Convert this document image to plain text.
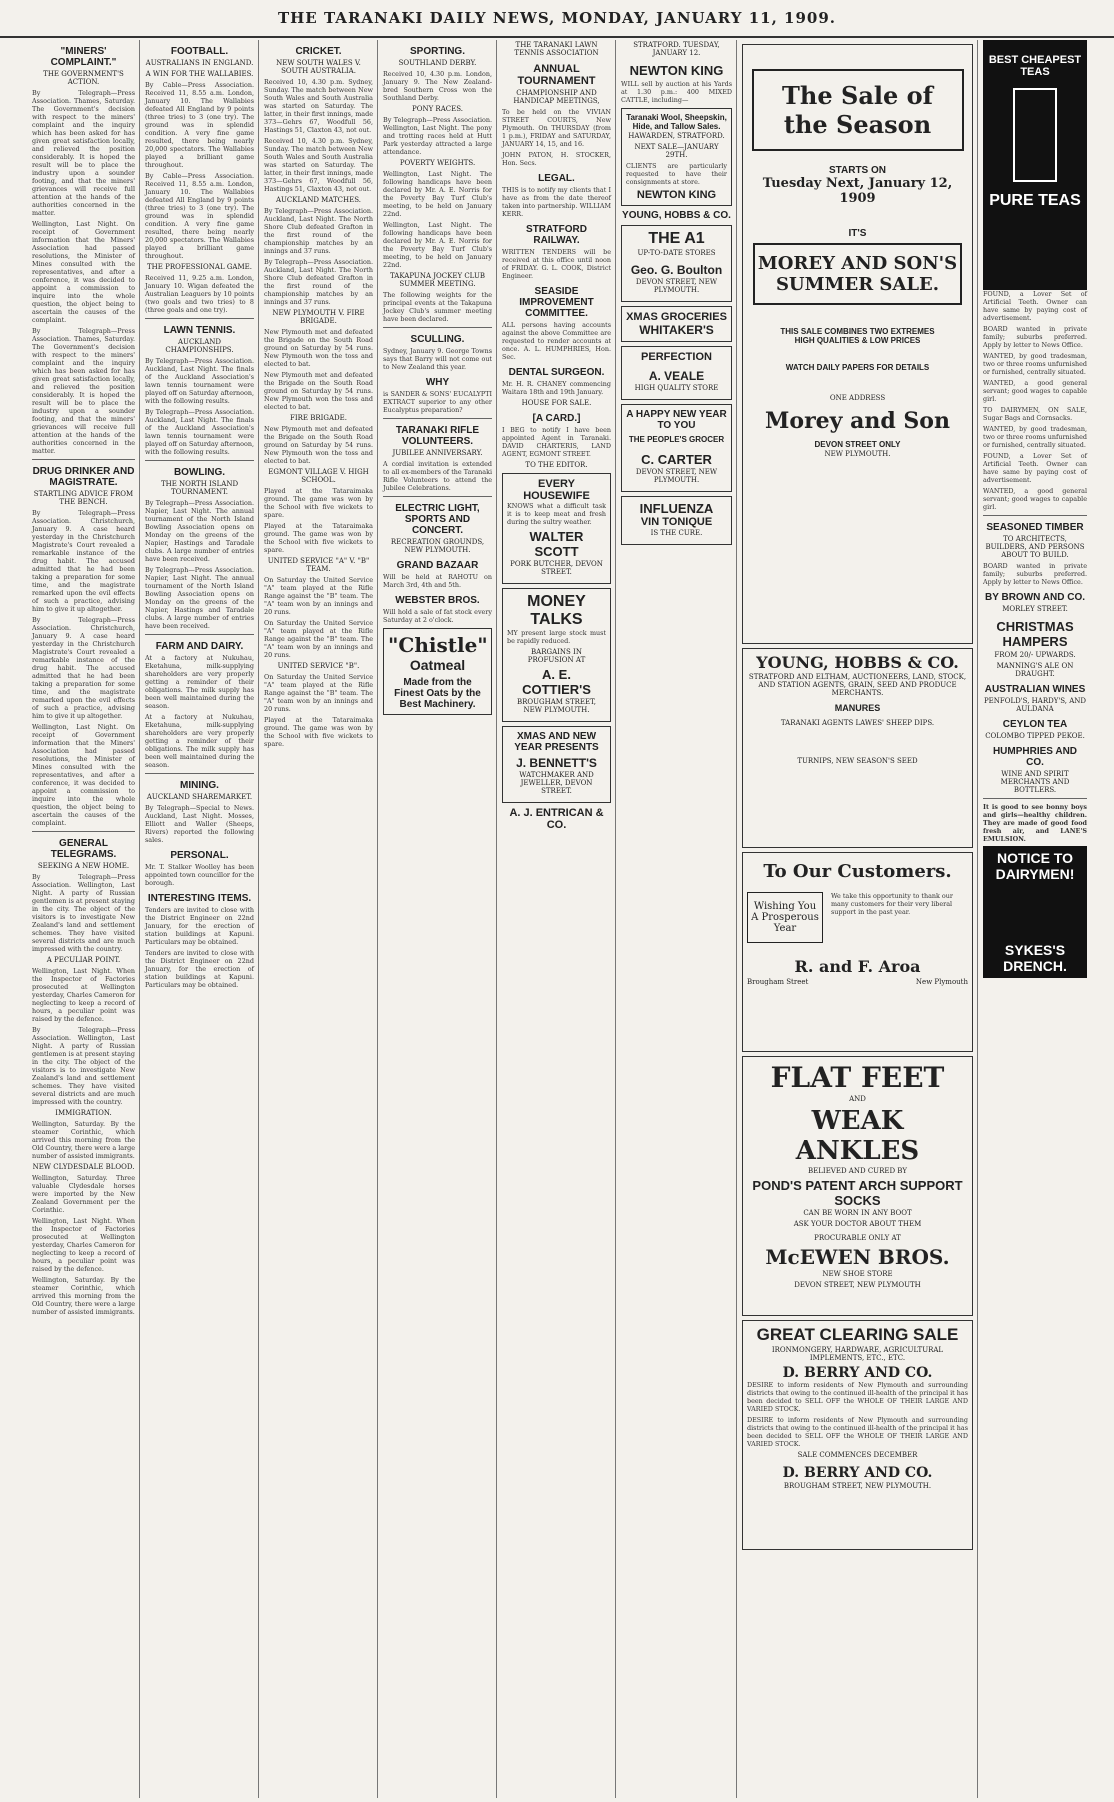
THE TARANAKI DAILY NEWS, MONDAY, JANUARY 11, 1909.
"MINERS' COMPLAINT."
THE GOVERNMENT'S ACTION.

By Telegraph—Press Association. Thames, Saturday. The Government's decision with respect to the miners' complaint and the inquiry which has been asked for has given great satisfaction locally, and relieved the position considerably. It is hoped the result will be to place the industry upon a sounder footing, and that the miners' grievances will receive full attention at the hands of the authorities concerned in the matter.

Wellington, Last Night. On receipt of Government information that the Miners' Association had passed resolutions, the Minister of Mines consulted with the representatives, and after a conference, it was decided to appoint a commission to inquire into the whole question, the object being to ascertain the causes of the complaint.

By Telegraph—Press Association. Thames, Saturday. The Government's decision with respect to the miners' complaint and the inquiry which has been asked for has given great satisfaction locally, and relieved the position considerably. It is hoped the result will be to place the industry upon a sounder footing, and that the miners' grievances will receive full attention at the hands of the authorities concerned in the matter.

DRUG DRINKER AND MAGISTRATE.
STARTLING ADVICE FROM THE BENCH.

By Telegraph—Press Association. Christchurch, January 9. A case heard yesterday in the Christchurch Magistrate's Court revealed a remarkable instance of the drug habit. The accused admitted that he had been taking a preparation for some time, and the magistrate remarked upon the evil effects of such a practice, advising him to give it up altogether.

By Telegraph—Press Association. Christchurch, January 9. A case heard yesterday in the Christchurch Magistrate's Court revealed a remarkable instance of the drug habit. The accused admitted that he had been taking a preparation for some time, and the magistrate remarked upon the evil effects of such a practice, advising him to give it up altogether.

Wellington, Last Night. On receipt of Government information that the Miners' Association had passed resolutions, the Minister of Mines consulted with the representatives, and after a conference, it was decided to appoint a commission to inquire into the whole question, the object being to ascertain the causes of the complaint.

GENERAL TELEGRAMS.
SEEKING A NEW HOME.

By Telegraph—Press Association. Wellington, Last Night. A party of Russian gentlemen is at present staying in the city. The object of the visitors is to investigate New Zealand's land and settlement schemes. They have visited several districts and are much impressed with the country.

A PECULIAR POINT.

Wellington, Last Night. When the Inspector of Factories prosecuted at Wellington yesterday, Charles Cameron for neglecting to keep a record of hours, a peculiar point was raised by the defence.

By Telegraph—Press Association. Wellington, Last Night. A party of Russian gentlemen is at present staying in the city. The object of the visitors is to investigate New Zealand's land and settlement schemes. They have visited several districts and are much impressed with the country.

IMMIGRATION.

Wellington, Saturday. By the steamer Corinthic, which arrived this morning from the Old Country, there were a large number of assisted immigrants.

NEW CLYDESDALE BLOOD.

Wellington, Saturday. Three valuable Clydesdale horses were imported by the New Zealand Government per the Corinthic.

Wellington, Last Night. When the Inspector of Factories prosecuted at Wellington yesterday, Charles Cameron for neglecting to keep a record of hours, a peculiar point was raised by the defence.

Wellington, Saturday. By the steamer Corinthic, which arrived this morning from the Old Country, there were a large number of assisted immigrants.

FOOTBALL.
AUSTRALIANS IN ENGLAND.
A WIN FOR THE WALLABIES.

By Cable—Press Association. Received 11, 8.55 a.m. London, January 10. The Wallabies defeated All England by 9 points (three tries) to 3 (one try). The ground was in splendid condition. A very fine game resulted, there being nearly 20,000 spectators. The Wallabies played a brilliant game throughout.

By Cable—Press Association. Received 11, 8.55 a.m. London, January 10. The Wallabies defeated All England by 9 points (three tries) to 3 (one try). The ground was in splendid condition. A very fine game resulted, there being nearly 20,000 spectators. The Wallabies played a brilliant game throughout.

THE PROFESSIONAL GAME.

Received 11, 9.25 a.m. London, January 10. Wigan defeated the Australian Leaguers by 10 points (two goals and two tries) to 8 (three goals and one try).

LAWN TENNIS.
AUCKLAND CHAMPIONSHIPS.

By Telegraph—Press Association. Auckland, Last Night. The finals of the Auckland Association's lawn tennis tournament were played off on Saturday afternoon, with the following results.

By Telegraph—Press Association. Auckland, Last Night. The finals of the Auckland Association's lawn tennis tournament were played off on Saturday afternoon, with the following results.

BOWLING.
THE NORTH ISLAND TOURNAMENT.

By Telegraph—Press Association. Napier, Last Night. The annual tournament of the North Island Bowling Association opens on Monday on the greens of the Napier, Hastings and Taradale clubs. A large number of entries have been received.

By Telegraph—Press Association. Napier, Last Night. The annual tournament of the North Island Bowling Association opens on Monday on the greens of the Napier, Hastings and Taradale clubs. A large number of entries have been received.

FARM AND DAIRY.

At a factory at Nukuhau, Eketahuna, milk-supplying shareholders are very properly getting a reminder of their obligations. The milk supply has been well maintained during the season.

At a factory at Nukuhau, Eketahuna, milk-supplying shareholders are very properly getting a reminder of their obligations. The milk supply has been well maintained during the season.

MINING.
AUCKLAND SHAREMARKET.

By Telegraph—Special to News. Auckland, Last Night. Mosses, Elliott and Waller (Sheeps, Rivers) reported the following sales.

PERSONAL.

Mr. T. Stalker Woolley has been appointed town councillor for the borough.

INTERESTING ITEMS.

Tenders are invited to close with the District Engineer on 22nd January, for the erection of station buildings at Kapuni. Particulars may be obtained.

Tenders are invited to close with the District Engineer on 22nd January, for the erection of station buildings at Kapuni. Particulars may be obtained.

CRICKET.
NEW SOUTH WALES V. SOUTH AUSTRALIA.

Received 10, 4.30 p.m. Sydney, Sunday. The match between New South Wales and South Australia was started on Saturday. The latter, in their first innings, made 373—Gehrs 67, Woodfull 56, Hastings 51, Claxton 43, not out.

Received 10, 4.30 p.m. Sydney, Sunday. The match between New South Wales and South Australia was started on Saturday. The latter, in their first innings, made 373—Gehrs 67, Woodfull 56, Hastings 51, Claxton 43, not out.

AUCKLAND MATCHES.

By Telegraph—Press Association. Auckland, Last Night. The North Shore Club defeated Grafton in the first round of the championship matches by an innings and 37 runs.

By Telegraph—Press Association. Auckland, Last Night. The North Shore Club defeated Grafton in the first round of the championship matches by an innings and 37 runs.

NEW PLYMOUTH V. FIRE BRIGADE.

New Plymouth met and defeated the Brigade on the South Road ground on Saturday by 54 runs. New Plymouth won the toss and elected to bat.

New Plymouth met and defeated the Brigade on the South Road ground on Saturday by 54 runs. New Plymouth won the toss and elected to bat.

FIRE BRIGADE.

New Plymouth met and defeated the Brigade on the South Road ground on Saturday by 54 runs. New Plymouth won the toss and elected to bat.

EGMONT VILLAGE V. HIGH SCHOOL.

Played at the Tataraimaka ground. The game was won by the School with five wickets to spare.

Played at the Tataraimaka ground. The game was won by the School with five wickets to spare.

UNITED SERVICE "A" V. "B" TEAM.

On Saturday the United Service "A" team played at the Rifle Range against the "B" team. The "A" team won by an innings and 20 runs.

On Saturday the United Service "A" team played at the Rifle Range against the "B" team. The "A" team won by an innings and 20 runs.

UNITED SERVICE "B".

On Saturday the United Service "A" team played at the Rifle Range against the "B" team. The "A" team won by an innings and 20 runs.

Played at the Tataraimaka ground. The game was won by the School with five wickets to spare.

SPORTING.
SOUTHLAND DERBY.

Received 10, 4.30 p.m. London, January 9. The New Zealand-bred Southern Cross won the Southland Derby.

PONY RACES.

By Telegraph—Press Association. Wellington, Last Night. The pony and trotting races held at Hutt Park yesterday attracted a large attendance.

POVERTY WEIGHTS.

Wellington, Last Night. The following handicaps have been declared by Mr. A. E. Norris for the Poverty Bay Turf Club's meeting, to be held on January 22nd.

Wellington, Last Night. The following handicaps have been declared by Mr. A. E. Norris for the Poverty Bay Turf Club's meeting, to be held on January 22nd.

TAKAPUNA JOCKEY CLUB SUMMER MEETING.

The following weights for the principal events at the Takapuna Jockey Club's summer meeting have been declared.

SCULLING.

Sydney, January 9. George Towns says that Barry will not come out to New Zealand this year.

WHY

is SANDER & SONS' EUCALYPTI EXTRACT superior to any other Eucalyptus preparation?

TARANAKI RIFLE VOLUNTEERS.
JUBILEE ANNIVERSARY.

A cordial invitation is extended to all ex-members of the Taranaki Rifle Volunteers to attend the Jubilee Celebrations.

ELECTRIC LIGHT, SPORTS AND CONCERT.
RECREATION GROUNDS, NEW PLYMOUTH.
GRAND BAZAAR

Will be held at RAHOTU on March 3rd, 4th and 5th.

WEBSTER BROS.

Will hold a sale of fat stock every Saturday at 2 o'clock.

"Chistle"
Oatmeal
Made from the Finest Oats by the Best Machinery.
THE TARANAKI LAWN TENNIS ASSOCIATION
ANNUAL TOURNAMENT
CHAMPIONSHIP AND HANDICAP MEETINGS,

To be held on the VIVIAN STREET COURTS, New Plymouth. On THURSDAY (from 1 p.m.), FRIDAY and SATURDAY, JANUARY 14, 15, and 16.

JOHN PATON, H. STOCKER, Hon. Secs.

LEGAL.

THIS is to notify my clients that I have as from the date thereof taken into partnership. WILLIAM KERR.

STRATFORD RAILWAY.

WRITTEN TENDERS will be received at this office until noon of FRIDAY. G. L. COOK, District Engineer.

SEASIDE IMPROVEMENT COMMITTEE.

ALL persons having accounts against the above Committee are requested to render accounts at once. A. L. HUMPHRIES, Hon. Sec.

DENTAL SURGEON.

Mr. H. R. CHANEY commencing Waitara 18th and 19th January.

HOUSE FOR SALE.
[A CARD.]

I BEG to notify I have been appointed Agent in Taranaki. DAVID CHARTERIS, LAND AGENT, EGMONT STREET.

TO THE EDITOR.
EVERY HOUSEWIFE

KNOWS what a difficult task it is to keep meat and fresh during the sultry weather.

WALTER SCOTT
PORK BUTCHER, DEVON STREET.
MONEY TALKS

MY present large stock must be rapidly reduced.

BARGAINS IN PROFUSION AT
A. E. COTTIER'S
BROUGHAM STREET, NEW PLYMOUTH.
XMAS AND NEW YEAR PRESENTS
J. BENNETT'S
WATCHMAKER AND JEWELLER, DEVON STREET.
A. J. ENTRICAN & CO.
STRATFORD. TUESDAY, JANUARY 12.
NEWTON KING

WILL sell by auction at his Yards at 1.30 p.m.: 400 MIXED CATTLE, including—

Taranaki Wool, Sheepskin, Hide, and Tallow Sales.
HAWARDEN, STRATFORD.
NEXT SALE—JANUARY 29TH.

CLIENTS are particularly requested to have their consignments at store.

NEWTON KING
YOUNG, HOBBS & CO.
THE A1
UP-TO-DATE STORES
Geo. G. Boulton
DEVON STREET, NEW PLYMOUTH.
XMAS GROCERIES
WHITAKER'S
PERFECTION
A. VEALE
HIGH QUALITY STORE
A HAPPY NEW YEAR TO YOU
THE PEOPLE'S GROCER
C. CARTER
DEVON STREET, NEW PLYMOUTH.
INFLUENZA
VIN TONIQUE
IS THE CURE.
The Sale of
the Season
STARTS ON
Tuesday Next, January 12, 1909
IT'S
MOREY AND SON'S
SUMMER SALE.
THIS SALE COMBINES TWO EXTREMES
HIGH QUALITIES & LOW PRICES
WATCH DAILY PAPERS FOR DETAILS
ONE ADDRESS
Morey and Son
DEVON STREET ONLY
NEW PLYMOUTH.
YOUNG, HOBBS & CO.
STRATFORD AND ELTHAM, AUCTIONEERS, LAND, STOCK, AND STATION AGENTS, GRAIN, SEED AND PRODUCE MERCHANTS.
MANURES
TARANAKI AGENTS LAWES' SHEEP DIPS.
TURNIPS, NEW SEASON'S SEED
To Our Customers.
Wishing You
A Prosperous
Year

We take this opportunity to thank our many customers for their very liberal support in the past year.

R. and F. Aroa
Brougham Street	New Plymouth
FLAT FEET
AND
WEAK ANKLES
BELIEVED AND CURED BY
POND'S PATENT ARCH SUPPORT SOCKS
CAN BE WORN IN ANY BOOT
ASK YOUR DOCTOR ABOUT THEM
PROCURABLE ONLY AT
McEWEN BROS.
NEW SHOE STORE
DEVON STREET, NEW PLYMOUTH
GREAT CLEARING SALE
IRONMONGERY, HARDWARE, AGRICULTURAL IMPLEMENTS, ETC., ETC.
D. BERRY AND CO.

DESIRE to inform residents of New Plymouth and surrounding districts that owing to the continued ill-health of the principal it has been decided to SELL OFF the WHOLE OF THEIR LARGE AND VARIED STOCK.

DESIRE to inform residents of New Plymouth and surrounding districts that owing to the continued ill-health of the principal it has been decided to SELL OFF the WHOLE OF THEIR LARGE AND VARIED STOCK.

SALE COMMENCES DECEMBER
D. BERRY AND CO.
BROUGHAM STREET, NEW PLYMOUTH.
BEST CHEAPEST TEAS
PURE TEAS

FOUND, a Lover Set of Artificial Teeth. Owner can have same by paying cost of advertisement.

BOARD wanted in private family; suburbs preferred. Apply by letter to News Office.

WANTED, by good tradesman, two or three rooms unfurnished or furnished, centrally situated.

WANTED, a good general servant; good wages to capable girl.

TO DAIRYMEN, ON SALE, Sugar Bags and Cornsacks.

WANTED, by good tradesman, two or three rooms unfurnished or furnished, centrally situated.

FOUND, a Lover Set of Artificial Teeth. Owner can have same by paying cost of advertisement.

WANTED, a good general servant; good wages to capable girl.

SEASONED TIMBER
TO ARCHITECTS, BUILDERS, AND PERSONS ABOUT TO BUILD.

BOARD wanted in private family; suburbs preferred. Apply by letter to News Office.

BY BROWN AND CO.
MORLEY STREET.
CHRISTMAS HAMPERS
FROM 20/- UPWARDS.
MANNING'S ALE ON DRAUGHT.
AUSTRALIAN WINES
PENFOLD'S, HARDY'S, AND AULDANA
CEYLON TEA
COLOMBO TIPPED PEKOE.
HUMPHRIES AND CO.
WINE AND SPIRIT MERCHANTS AND BOTTLERS.

It is good to see bonny boys and girls—healthy children. They are made of good food fresh air, and LANE'S EMULSION.

NOTICE TO DAIRYMEN!
SYKES'S DRENCH.
